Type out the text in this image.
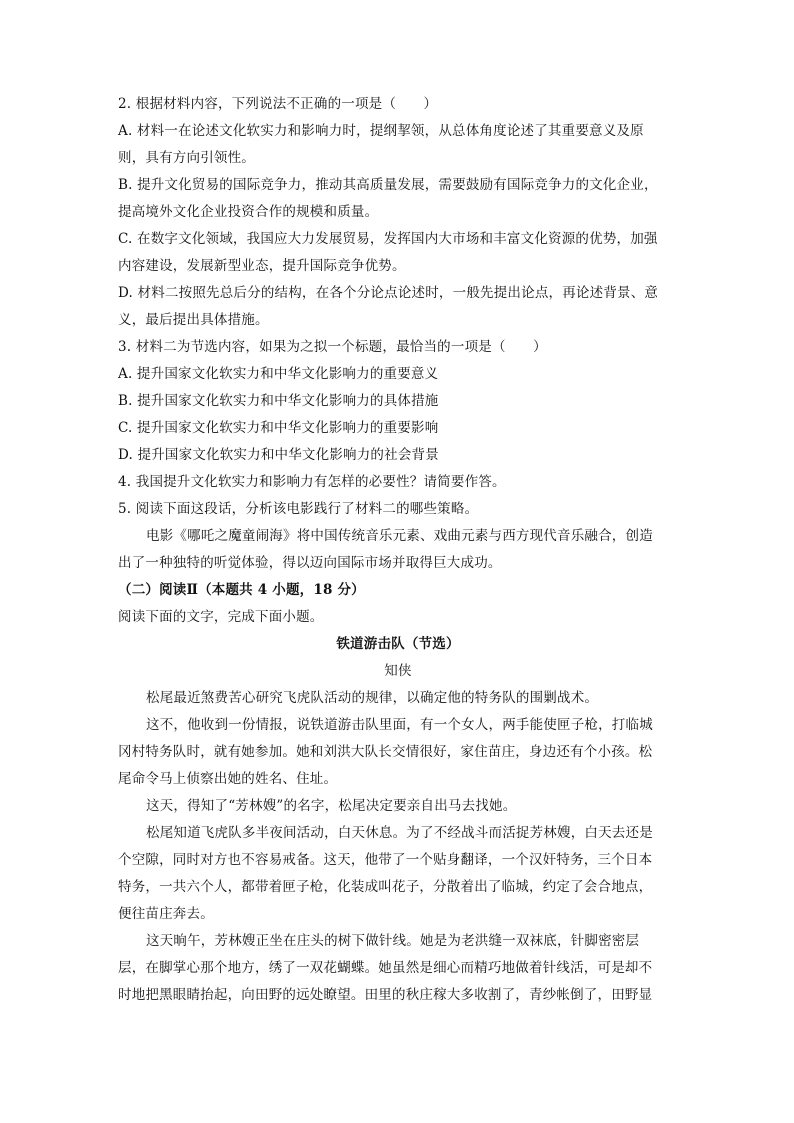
2. 根据材料内容，下列说法不正确的一项是（　　）
A. 材料一在论述文化软实力和影响力时，提纲挈领，从总体角度论述了其重要意义及原
则，具有方向引领性。
B. 提升文化贸易的国际竞争力，推动其高质量发展，需要鼓励有国际竞争力的文化企业，
提高境外文化企业投资合作的规模和质量。
C. 在数字文化领域，我国应大力发展贸易，发挥国内大市场和丰富文化资源的优势，加强
内容建设，发展新型业态，提升国际竞争优势。
D. 材料二按照先总后分的结构，在各个分论点论述时，一般先提出论点，再论述背景、意
义，最后提出具体措施。
3. 材料二为节选内容，如果为之拟一个标题，最恰当的一项是（　　）
A. 提升国家文化软实力和中华文化影响力的重要意义
B. 提升国家文化软实力和中华文化影响力的具体措施
C. 提升国家文化软实力和中华文化影响力的重要影响
D. 提升国家文化软实力和中华文化影响力的社会背景
4. 我国提升文化软实力和影响力有怎样的必要性？请简要作答。
5. 阅读下面这段话，分析该电影践行了材料二的哪些策略。
电影《哪吒之魔童闹海》将中国传统音乐元素、戏曲元素与西方现代音乐融合，创造
出了一种独特的听觉体验，得以迈向国际市场并取得巨大成功。
（二）阅读Ⅱ（本题共 4 小题，18 分）
阅读下面的文字，完成下面小题。
铁道游击队（节选）
知侠
松尾最近煞费苦心研究飞虎队活动的规律，以确定他的特务队的围剿战术。
这不，他收到一份情报，说铁道游击队里面，有一个女人，两手能使匣子枪，打临城
冈村特务队时，就有她参加。她和刘洪大队长交情很好，家住苗庄，身边还有个小孩。松
尾命令马上侦察出她的姓名、住址。
这天，得知了“芳林嫂”的名字，松尾决定要亲自出马去找她。
松尾知道飞虎队多半夜间活动，白天休息。为了不经战斗而活捉芳林嫂，白天去还是
个空隙，同时对方也不容易戒备。这天，他带了一个贴身翻译，一个汉奸特务，三个日本
特务，一共六个人，都带着匣子枪，化装成叫花子，分散着出了临城，约定了会合地点，
便往苗庄奔去。
这天晌午，芳林嫂正坐在庄头的树下做针线。她是为老洪缝一双袜底，针脚密密层
层，在脚掌心那个地方，绣了一双花蝴蝶。她虽然是细心而精巧地做着针线活，可是却不
时地把黑眼睛抬起，向田野的远处瞭望。田里的秋庄稼大多收割了，青纱帐倒了，田野显
